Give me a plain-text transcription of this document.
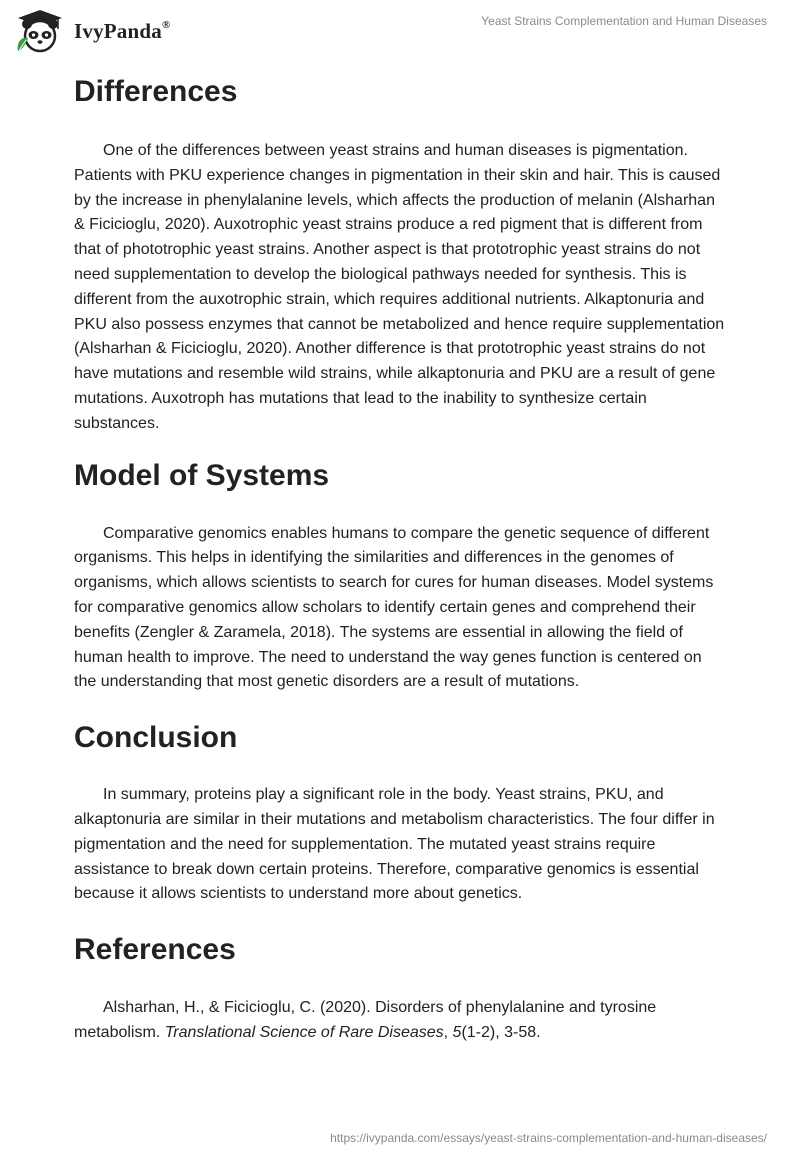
IvyPanda®	Yeast Strains Complementation and Human Diseases
Differences

One of the differences between yeast strains and human diseases is pigmentation. Patients with PKU experience changes in pigmentation in their skin and hair. This is caused by the increase in phenylalanine levels, which affects the production of melanin (Alsharhan & Ficicioglu, 2020). Auxotrophic yeast strains produce a red pigment that is different from that of phototrophic yeast strains. Another aspect is that prototrophic yeast strains do not need supplementation to develop the biological pathways needed for synthesis. This is different from the auxotrophic strain, which requires additional nutrients. Alkaptonuria and PKU also possess enzymes that cannot be metabolized and hence require supplementation (Alsharhan & Ficicioglu, 2020). Another difference is that prototrophic yeast strains do not have mutations and resemble wild strains, while alkaptonuria and PKU are a result of gene mutations. Auxotroph has mutations that lead to the inability to synthesize certain substances.

Model of Systems

Comparative genomics enables humans to compare the genetic sequence of different organisms. This helps in identifying the similarities and differences in the genomes of organisms, which allows scientists to search for cures for human diseases. Model systems for comparative genomics allow scholars to identify certain genes and comprehend their benefits (Zengler & Zaramela, 2018). The systems are essential in allowing the field of human health to improve. The need to understand the way genes function is centered on the understanding that most genetic disorders are a result of mutations.

Conclusion

In summary, proteins play a significant role in the body. Yeast strains, PKU, and alkaptonuria are similar in their mutations and metabolism characteristics. The four differ in pigmentation and the need for supplementation. The mutated yeast strains require assistance to break down certain proteins. Therefore, comparative genomics is essential because it allows scientists to understand more about genetics.

References

Alsharhan, H., & Ficicioglu, C. (2020). Disorders of phenylalanine and tyrosine metabolism. Translational Science of Rare Diseases, 5(1-2), 3-58.

https://ivypanda.com/essays/yeast-strains-complementation-and-human-diseases/
